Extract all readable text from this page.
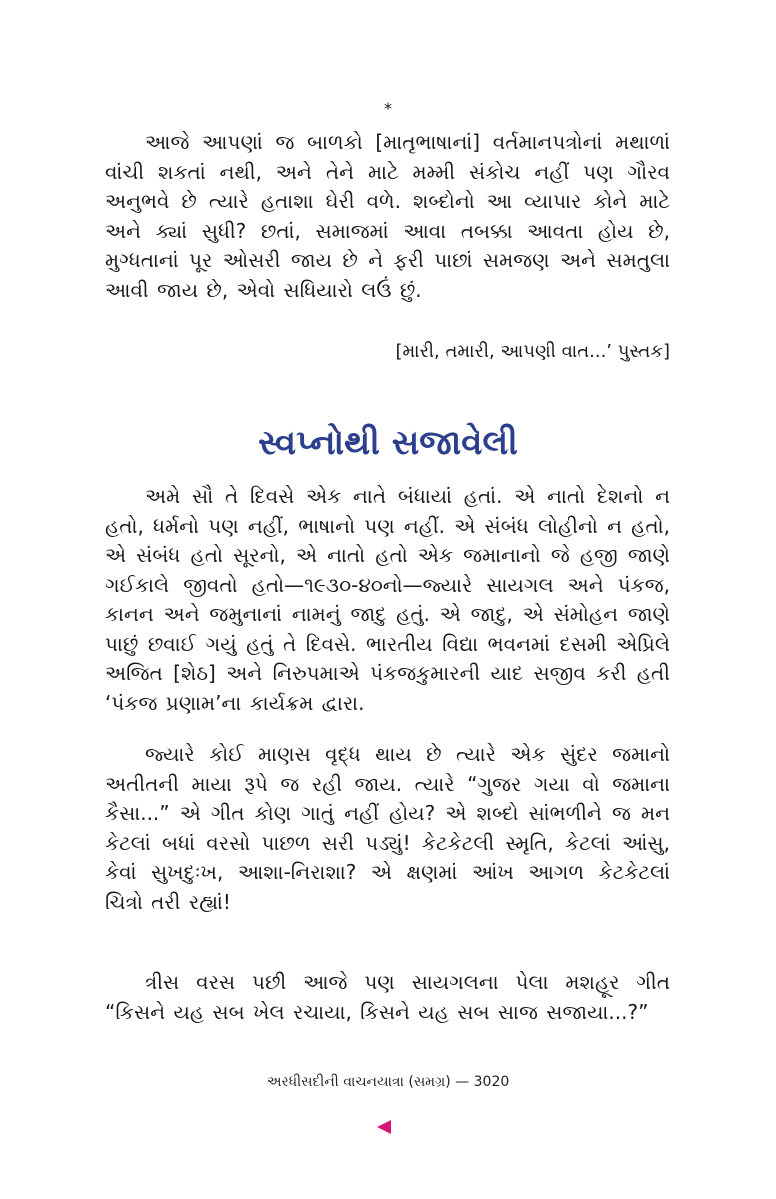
*

આજે આપણાં જ બાળકો [માતૃભાષાનાં] વર્તમાનપત્રોનાં મથાળાં વાંચી શકતાં નથી, અને તેને માટે મમ્મી સંકોચ નહીં પણ ગૌરવ અનુભવે છે ત્યારે હતાશા ઘેરી વળે. શબ્દોનો આ વ્યાપાર કોને માટે અને ક્યાં સુધી? છતાં, સમાજમાં આવા તબક્કા આવતા હોય છે, મુગ્ધતાનાં પૂર ઓસરી જાય છે ને ફરી પાછાં સમજણ અને સમતુલા આવી જાય છે, એવો સધિયારો લઉં છું.

[મારી, તમારી, આપણી વાત...’ પુસ્તક]
સ્વપ્નોથી સજાવેલી

અમે સૌ તે દિવસે એક નાતે બંધાયાં હતાં. એ નાતો દેશનો ન હતો, ધર્મનો પણ નહીં, ભાષાનો પણ નહીં. એ સંબંધ લોહીનો ન હતો, એ સંબંધ હતો સૂરનો, એ નાતો હતો એક જમાનાનો જે હજી જાણે ગઈકાલે જીવતો હતો—૧૯૩૦-૪૦નો—જ્યારે સાયગલ અને પંકજ, કાનન અને જમુનાનાં નામનું જાદુ હતું. એ જાદુ, એ સંમોહન જાણે પાછું છવાઈ ગયું હતું તે દિવસે. ભારતીય વિદ્યા ભવનમાં દસમી એપ્રિલે અજિત [શેઠ] અને નિરુપમાએ પંકજકુમારની યાદ સજીવ કરી હતી ‘પંકજ પ્રણામ’ના કાર્યક્રમ દ્વારા.

જ્યારે કોઈ માણસ વૃદ્ધ થાય છે ત્યારે એક સુંદર જમાનો અતીતની માયા રૂપે જ રહી જાય. ત્યારે “ગુજર ગયા વો જમાના કૈસા...” એ ગીત કોણ ગાતું નહીં હોય? એ શબ્દો સાંભળીને જ મન કેટલાં બધાં વરસો પાછળ સરી પડ્યું! કેટકેટલી સ્મૃતિ, કેટલાં આંસુ, કેવાં સુખદુઃખ, આશા-નિરાશા? એ ક્ષણમાં આંખ આગળ કેટકેટલાં ચિત્રો તરી રહ્યાં!

ત્રીસ વરસ પછી આજે પણ સાયગલના પેલા મશહૂર ગીત “કિસને યહ સબ ખેલ રચાયા, કિસને યહ સબ સાજ સજાયા...?”

અરધીસદીની વાચનયાત્રા (સમગ્ર) — 3020
